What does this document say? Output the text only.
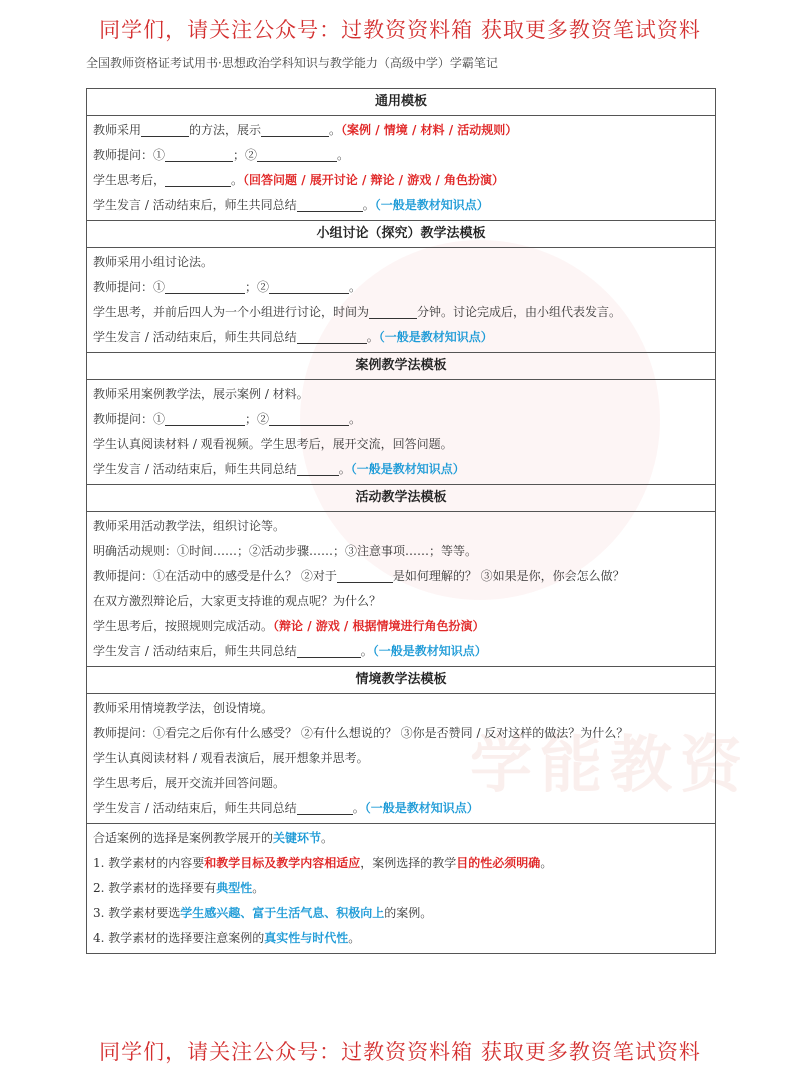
同学们，请关注公众号：过教资资料箱 获取更多教资笔试资料
全国教师资格证考试用书·思想政治学科知识与教学能力（高级中学）学霸笔记
学能教资
通用模板
教师采用	的方法，展示	。（案例 / 情境 / 材料 / 活动规则）
教师提问：①	；②	。
学生思考后，	。（回答问题 / 展开讨论 / 辩论 / 游戏 / 角色扮演）
学生发言 / 活动结束后，师生共同总结	。（一般是教材知识点）
小组讨论（探究）教学法模板
教师采用小组讨论法。
教师提问：①	；②	。
学生思考，并前后四人为一个小组进行讨论，时间为	分钟。讨论完成后，由小组代表发言。
学生发言 / 活动结束后，师生共同总结	。（一般是教材知识点）
案例教学法模板
教师采用案例教学法，展示案例 / 材料。
教师提问：①	；②	。
学生认真阅读材料 / 观看视频。学生思考后，展开交流，回答问题。
学生发言 / 活动结束后，师生共同总结	。（一般是教材知识点）
活动教学法模板
教师采用活动教学法，组织讨论等。
明确活动规则：①时间……；②活动步骤……；③注意事项……；等等。
教师提问：①在活动中的感受是什么？ ②对于	是如何理解的？ ③如果是你，你会怎么做？
在双方激烈辩论后，大家更支持谁的观点呢？为什么？
学生思考后，按照规则完成活动。（辩论 / 游戏 / 根据情境进行角色扮演）
学生发言 / 活动结束后，师生共同总结	。（一般是教材知识点）
情境教学法模板
教师采用情境教学法，创设情境。
教师提问：①看完之后你有什么感受？ ②有什么想说的？ ③你是否赞同 / 反对这样的做法？为什么？
学生认真阅读材料 / 观看表演后，展开想象并思考。
学生思考后，展开交流并回答问题。
学生发言 / 活动结束后，师生共同总结	。（一般是教材知识点）
合适案例的选择是案例教学展开的关键环节。
1. 教学素材的内容要和教学目标及教学内容相适应，案例选择的教学目的性必须明确。
2. 教学素材的选择要有典型性。
3. 教学素材要选学生感兴趣、富于生活气息、积极向上的案例。
4. 教学素材的选择要注意案例的真实性与时代性。
同学们，请关注公众号：过教资资料箱 获取更多教资笔试资料
